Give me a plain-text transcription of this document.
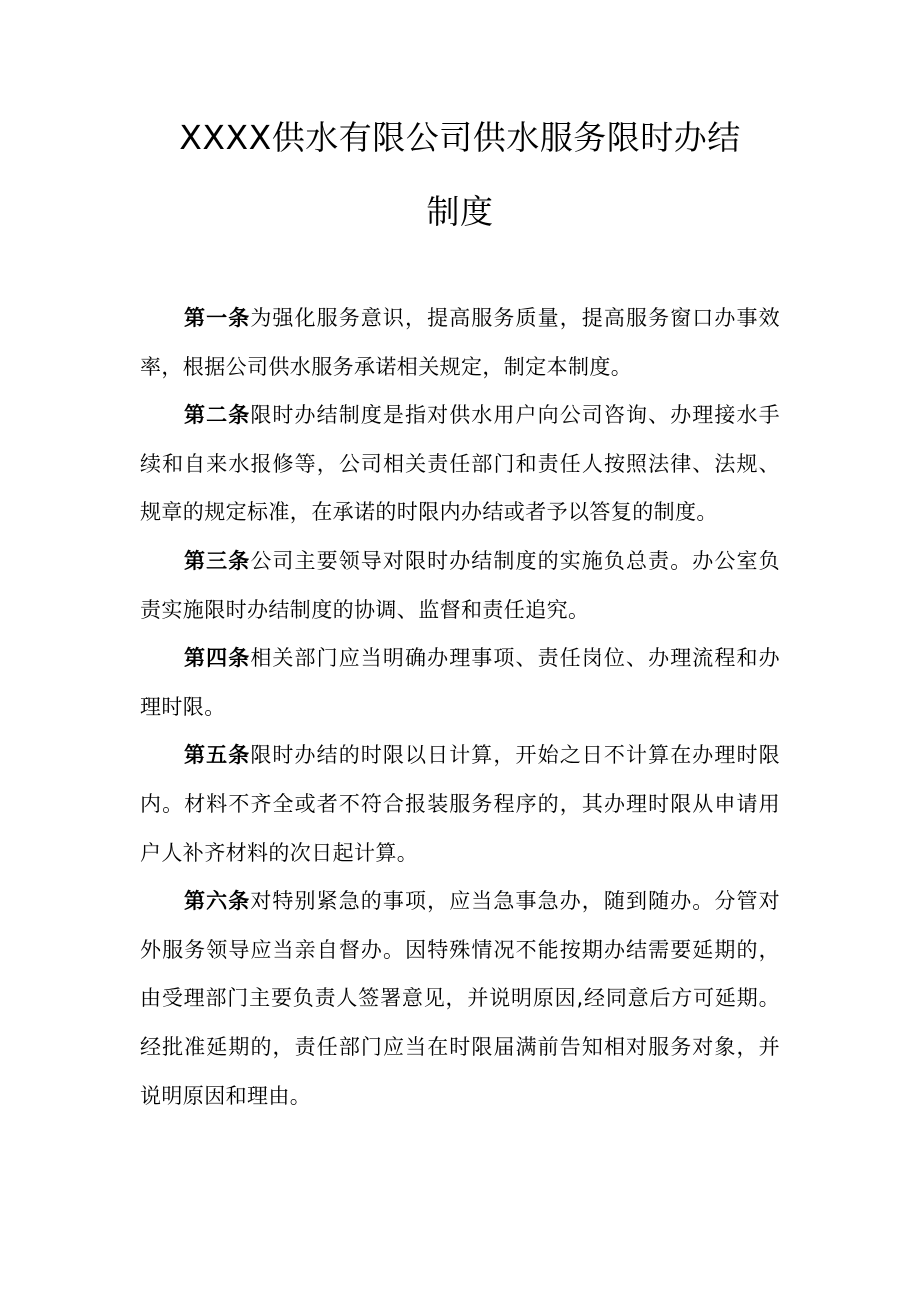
XXXX供水有限公司供水服务限时办结
制度

第一条为强化服务意识，提高服务质量，提高服务窗口办事效率，根据公司供水服务承诺相关规定，制定本制度。

第二条限时办结制度是指对供水用户向公司咨询、办理接水手续和自来水报修等，公司相关责任部门和责任人按照法律、法规、规章的规定标准，在承诺的时限内办结或者予以答复的制度。

第三条公司主要领导对限时办结制度的实施负总责。办公室负责实施限时办结制度的协调、监督和责任追究。

第四条相关部门应当明确办理事项、责任岗位、办理流程和办理时限。

第五条限时办结的时限以日计算，开始之日不计算在办理时限内。材料不齐全或者不符合报装服务程序的，其办理时限从申请用户人补齐材料的次日起计算。

第六条对特别紧急的事项，应当急事急办，随到随办。分管对外服务领导应当亲自督办。因特殊情况不能按期办结需要延期的，由受理部门主要负责人签署意见，并说明原因,经同意后方可延期。经批准延期的，责任部门应当在时限届满前告知相对服务对象，并说明原因和理由。
